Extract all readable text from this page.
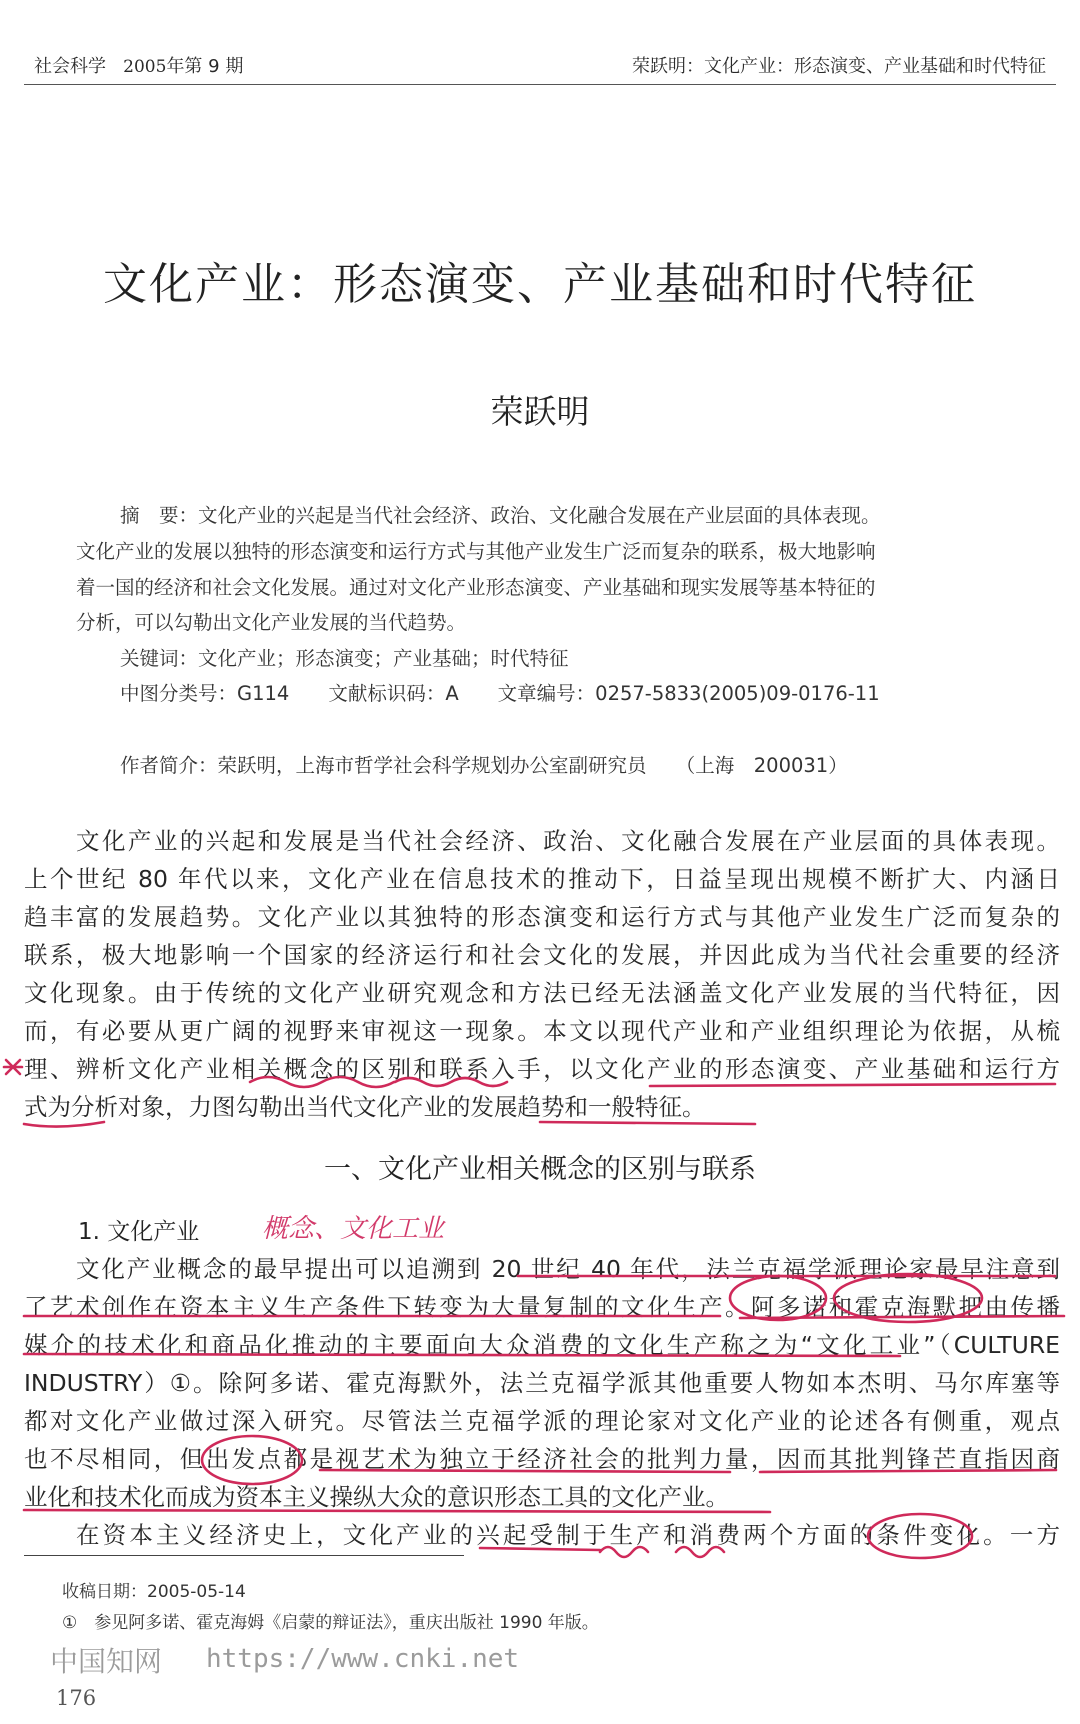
社会科学 2005年第 9 期	荣跃明：文化产业：形态演变、产业基础和时代特征
文化产业：形态演变、产业基础和时代特征
荣跃明
摘　要：文化产业的兴起是当代社会经济、政治、文化融合发展在产业层面的具体表现。
文化产业的发展以独特的形态演变和运行方式与其他产业发生广泛而复杂的联系，极大地影响
着一国的经济和社会文化发展。通过对文化产业形态演变、产业基础和现实发展等基本特征的
分析，可以勾勒出文化产业发展的当代趋势。
关键词：文化产业；形态演变；产业基础；时代特征
中图分类号：G114　　文献标识码：A　　文章编号：0257-5833(2005)09-0176-11
作者简介：荣跃明，上海市哲学社会科学规划办公室副研究员　　（上海　200031）
文化产业的兴起和发展是当代社会经济、政治、文化融合发展在产业层面的具体表现。
上个世纪 80 年代以来，文化产业在信息技术的推动下，日益呈现出规模不断扩大、内涵日
趋丰富的发展趋势。文化产业以其独特的形态演变和运行方式与其他产业发生广泛而复杂的
联系，极大地影响一个国家的经济运行和社会文化的发展，并因此成为当代社会重要的经济
文化现象。由于传统的文化产业研究观念和方法已经无法涵盖文化产业发展的当代特征，因
而，有必要从更广阔的视野来审视这一现象。本文以现代产业和产业组织理论为依据，从梳
理、辨析文化产业相关概念的区别和联系入手，以文化产业的形态演变、产业基础和运行方
式为分析对象，力图勾勒出当代文化产业的发展趋势和一般特征。
一、文化产业相关概念的区别与联系
1. 文化产业 概念、文化工业
文化产业概念的最早提出可以追溯到 20 世纪 40 年代，法兰克福学派理论家最早注意到
了艺术创作在资本主义生产条件下转变为大量复制的文化生产。阿多诺和霍克海默把由传播
媒介的技术化和商品化推动的主要面向大众消费的文化生产称之为“文化工业”（CULTURE
INDUSTRY）①。除阿多诺、霍克海默外，法兰克福学派其他重要人物如本杰明、马尔库塞等
都对文化产业做过深入研究。尽管法兰克福学派的理论家对文化产业的论述各有侧重，观点
也不尽相同，但出发点都是视艺术为独立于经济社会的批判力量，因而其批判锋芒直指因商
业化和技术化而成为资本主义操纵大众的意识形态工具的文化产业。
在资本主义经济史上，文化产业的兴起受制于生产和消费两个方面的条件变化。一方
收稿日期：2005-05-14
①　参见阿多诺、霍克海姆《启蒙的辩证法》，重庆出版社 1990 年版。
中国知网 https://www.cnki.net
176
